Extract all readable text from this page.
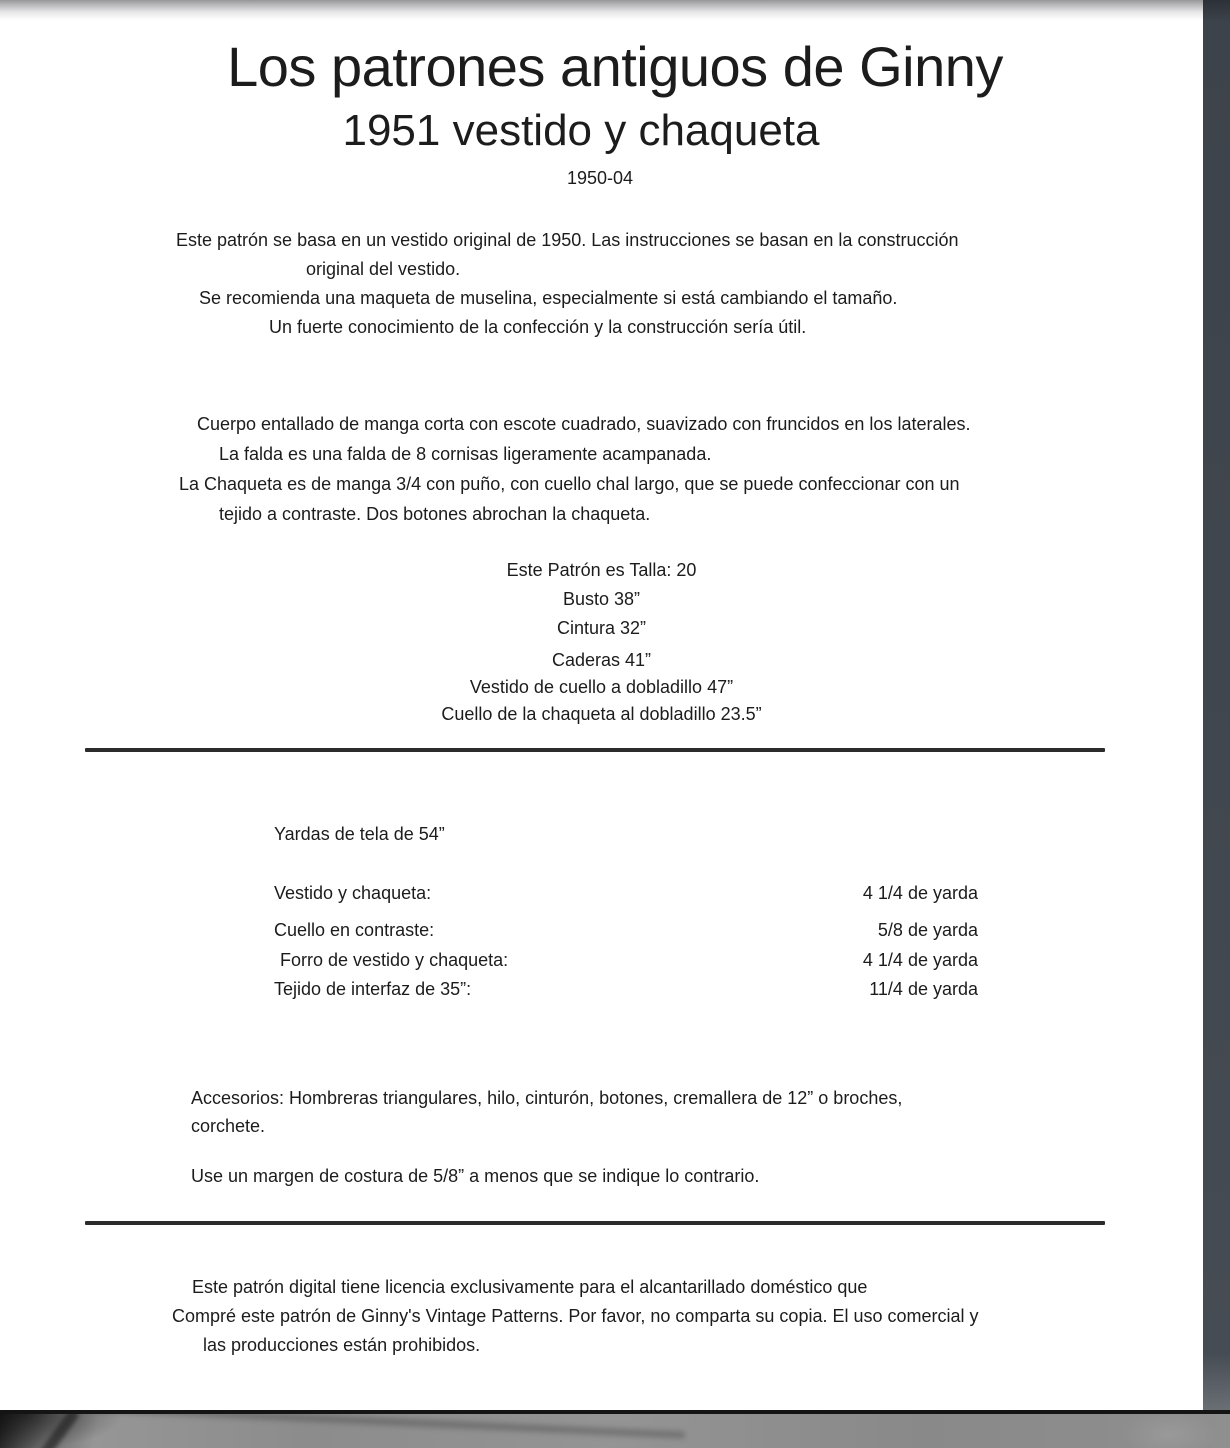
Los patrones antiguos de Ginny
1951 vestido y chaqueta
1950-04
Este patrón se basa en un vestido original de 1950. Las instrucciones se basan en la construcción
original del vestido.
Se recomienda una maqueta de muselina, especialmente si está cambiando el tamaño.
Un fuerte conocimiento de la confección y la construcción sería útil.
Cuerpo entallado de manga corta con escote cuadrado, suavizado con fruncidos en los laterales.
La falda es una falda de 8 cornisas ligeramente acampanada.
La Chaqueta es de manga 3/4 con puño, con cuello chal largo, que se puede confeccionar con un
tejido a contraste. Dos botones abrochan la chaqueta.
Este Patrón es Talla: 20
Busto 38”
Cintura 32”
Caderas 41”
Vestido de cuello a dobladillo 47”
Cuello de la chaqueta al dobladillo 23.5”
Yardas de tela de 54”
Vestido y chaqueta:	4 1/4 de yarda
Cuello en contraste:	5/8 de yarda
Forro de vestido y chaqueta:	4 1/4 de yarda
Tejido de interfaz de 35”:	11/4 de yarda
Accesorios: Hombreras triangulares, hilo, cinturón, botones, cremallera de 12” o broches,
corchete.
Use un margen de costura de 5/8” a menos que se indique lo contrario.
Este patrón digital tiene licencia exclusivamente para el alcantarillado doméstico que
Compré este patrón de Ginny's Vintage Patterns. Por favor, no comparta su copia. El uso comercial y
las producciones están prohibidos.
